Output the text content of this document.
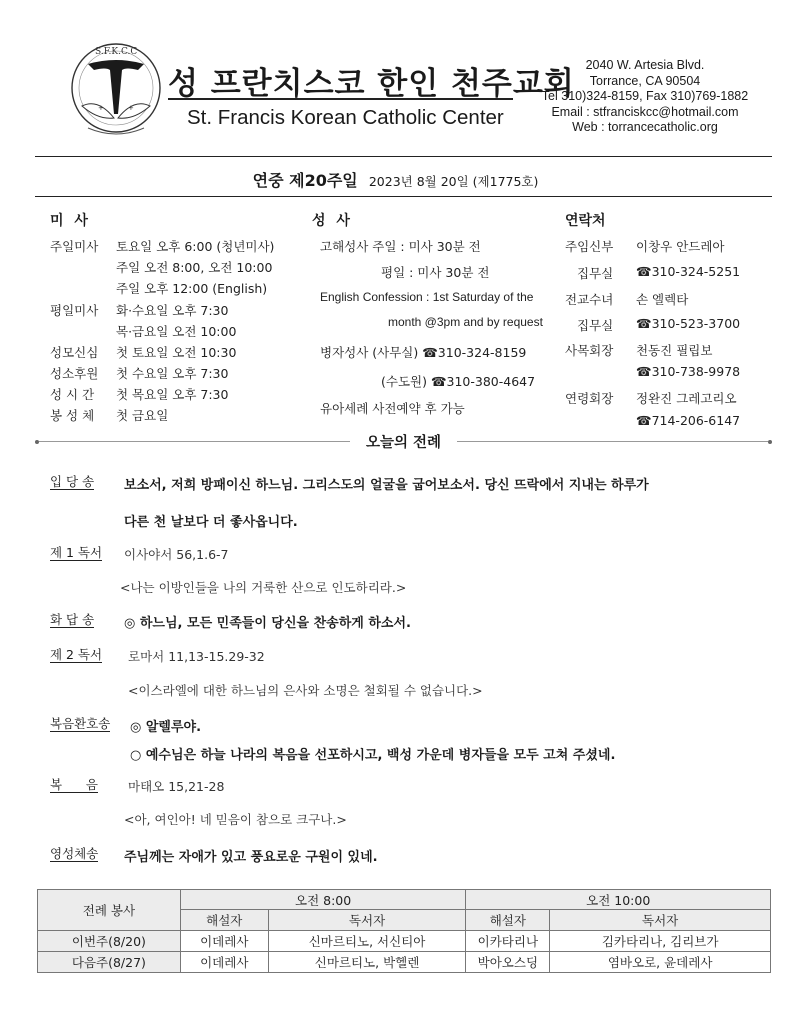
+	+
S.F.K.C.C
성 프란치스코 한인 천주교회
St. Francis Korean Catholic Center
2040 W. Artesia Blvd.
Torrance, CA 90504
Tel 310)324-8159, Fax 310)769-1882
Email : stfranciskcc@hotmail.com
Web : torrancecatholic.org
연중 제20주일 2023년 8월 20일 (제1775호)
미 사	성 사	연락처
주일미사	토요일 오후 6:00 (청년미사)
주일 오전 8:00, 오전 10:00
주일 오후 12:00 (English)
평일미사	화·수요일 오후 7:30
목·금요일 오전 10:00
성모신심	첫 토요일 오전 10:30
성소후원	첫 수요일 오후 7:30
성 시 간	첫 목요일 오후 7:30
봉 성 체	첫 금요일
고해성사 주일 : 미사 30분 전
평일 : 미사 30분 전
English Confession : 1st Saturday of the
month @3pm and by request
병자성사 (사무실) ☎310-324-8159
(수도원) ☎310-380-4647
유아세례 사전예약 후 가능
주임신부 이창우 안드레아
집무실 ☎310-324-5251
전교수녀 손 엘렉타
집무실 ☎310-523-3700
사목회장 천동진 필립보
☎310-738-9978
연령회장 정완진 그레고리오
☎714-206-6147
오늘의 전례
입 당 송 보소서, 저희 방패이신 하느님. 그리스도의 얼굴을 굽어보소서. 당신 뜨락에서 지내는 하루가
다른 천 날보다 더 좋사옵니다.
제 1 독서 이사야서 56,1.6-7
<나는 이방인들을 나의 거룩한 산으로 인도하리라.>
화 답 송 ◎ 하느님, 모든 민족들이 당신을 찬송하게 하소서.
제 2 독서 로마서 11,13-15.29-32
<이스라엘에 대한 하느님의 은사와 소명은 철회될 수 없습니다.>
복음환호송 ◎ 알렐루야.
○ 예수님은 하늘 나라의 복음을 선포하시고, 백성 가운데 병자들을 모두 고쳐 주셨네.
복      음 마태오 15,21-28
<아, 여인아! 네 믿음이 참으로 크구나.>
영성체송 주님께는 자애가 있고 풍요로운 구원이 있네.
전례 봉사	오전 8:00		오전 10:00	
	해설자	독서자	해설자	독서자
이번주(8/20)	이데레사	신마르티노, 서신티아	이카타리나	김카타리나, 김리브가
다음주(8/27)	이데레사	신마르티노, 박헬렌	박아오스딩	염바오로, 윤데레사
